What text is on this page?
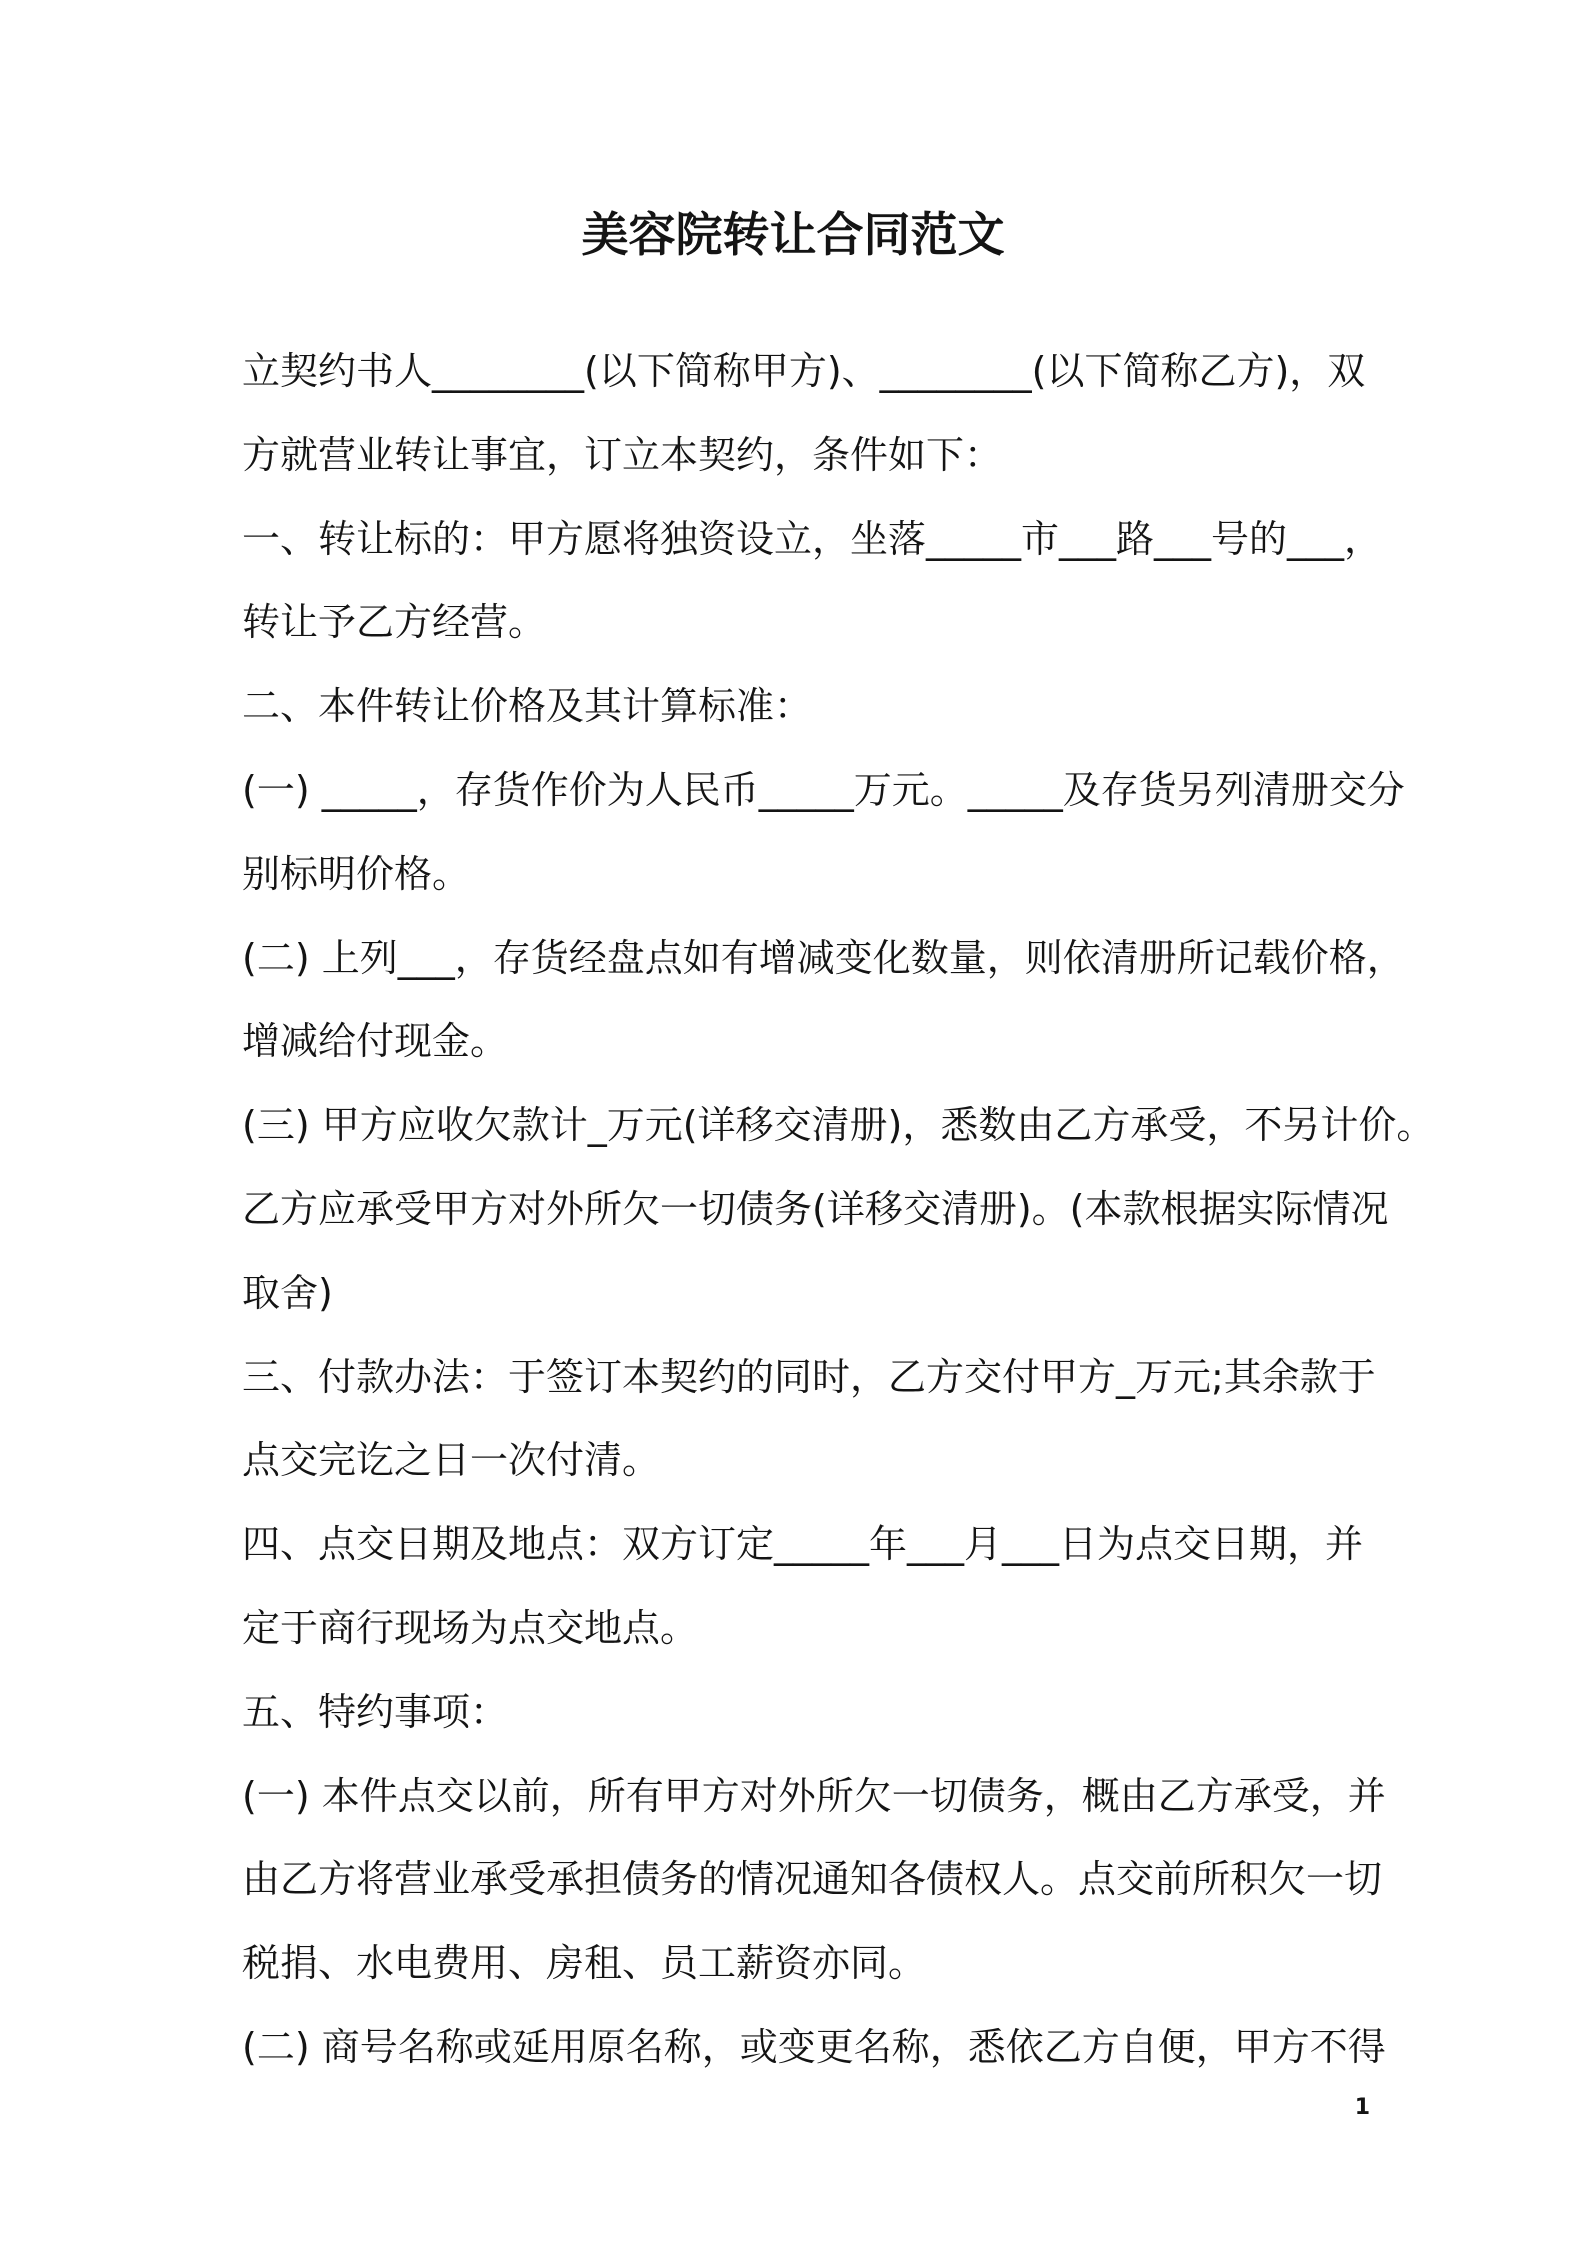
美容院转让合同范文

立契约书人________(以下简称甲方)、________(以下简称乙方)，双

方就营业转让事宜，订立本契约，条件如下：

一、转让标的：甲方愿将独资设立，坐落_____市___路___号的___，

转让予乙方经营。

二、本件转让价格及其计算标准：

(一) _____，存货作价为人民币_____万元。_____及存货另列清册交分

别标明价格。

(二) 上列___，存货经盘点如有增减变化数量，则依清册所记载价格，

增减给付现金。

(三) 甲方应收欠款计_万元(详移交清册)，悉数由乙方承受，不另计价。

乙方应承受甲方对外所欠一切债务(详移交清册)。(本款根据实际情况

取舍)

三、付款办法：于签订本契约的同时，乙方交付甲方_万元;其余款于

点交完讫之日一次付清。

四、点交日期及地点：双方订定_____年___月___日为点交日期，并

定于商行现场为点交地点。

五、特约事项：

(一) 本件点交以前，所有甲方对外所欠一切债务，概由乙方承受，并

由乙方将营业承受承担债务的情况通知各债权人。点交前所积欠一切

税捐、水电费用、房租、员工薪资亦同。

(二) 商号名称或延用原名称，或变更名称，悉依乙方自便，甲方不得

1
